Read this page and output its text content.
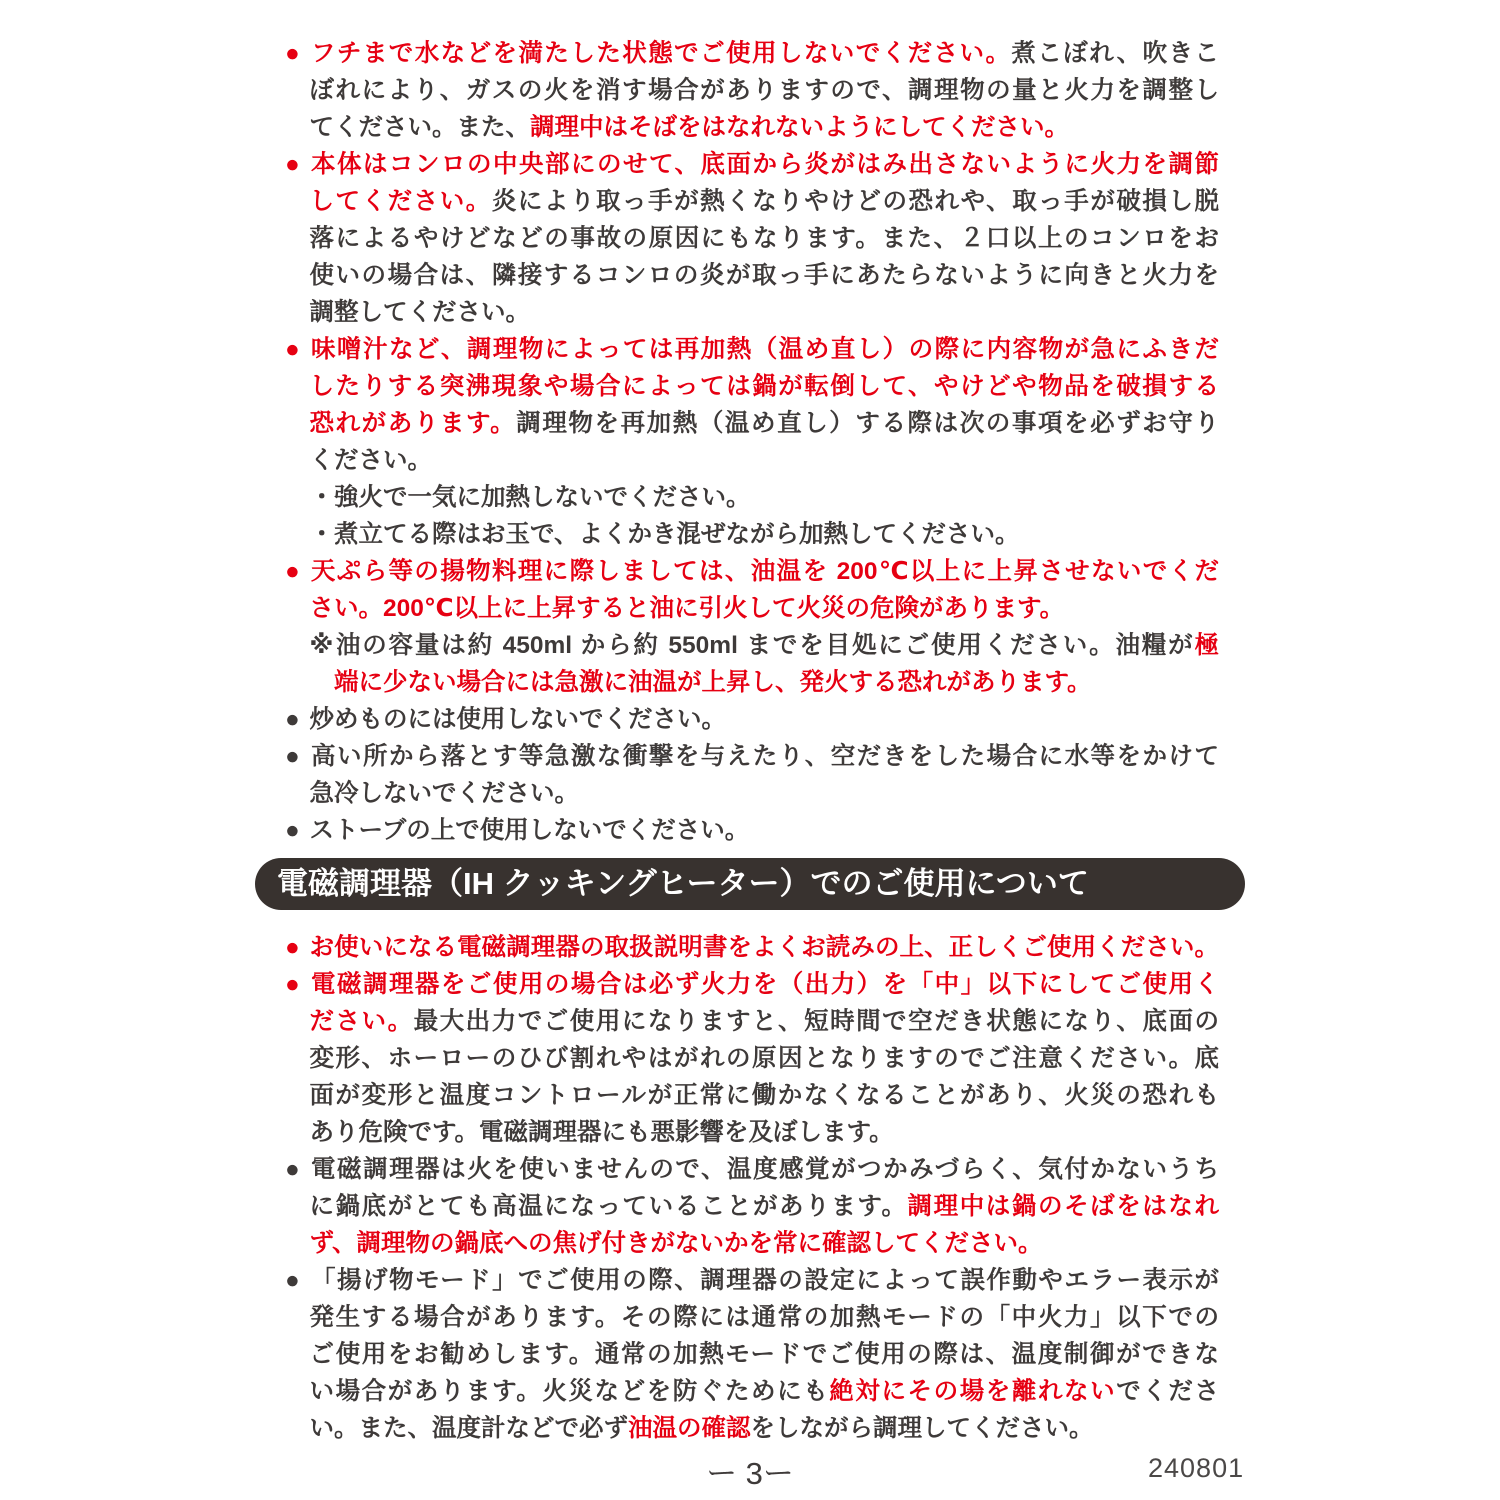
● フチまで水などを満たした状態でご使用しないでください。煮こぼれ、吹きこ
ぼれにより、ガスの火を消す場合がありますので、調理物の量と火力を調整し
てください。また、調理中はそばをはなれないようにしてください。
● 本体はコンロの中央部にのせて、底面から炎がはみ出さないように火力を調節
してください。炎により取っ手が熱くなりやけどの恐れや、取っ手が破損し脱
落によるやけどなどの事故の原因にもなります。また、２口以上のコンロをお
使いの場合は、隣接するコンロの炎が取っ手にあたらないように向きと火力を
調整してください。
● 味噌汁など、調理物によっては再加熱（温め直し）の際に内容物が急にふきだ
したりする突沸現象や場合によっては鍋が転倒して、やけどや物品を破損する
恐れがあります。調理物を再加熱（温め直し）する際は次の事項を必ずお守り
ください。
・強火で一気に加熱しないでください。
・煮立てる際はお玉で、よくかき混ぜながら加熱してください。
● 天ぷら等の揚物料理に際しましては、油温を 200℃以上に上昇させないでくだ
さい。200℃以上に上昇すると油に引火して火災の危険があります。
※油の容量は約 450ml から約 550ml までを目処にご使用ください。油糧が極
端に少ない場合には急激に油温が上昇し、発火する恐れがあります。
● 炒めものには使用しないでください。
● 高い所から落とす等急激な衝撃を与えたり、空だきをした場合に水等をかけて
急冷しないでください。
● ストーブの上で使用しないでください。
電磁調理器（IH クッキングヒーター）でのご使用について
● お使いになる電磁調理器の取扱説明書をよくお読みの上、正しくご使用ください。
● 電磁調理器をご使用の場合は必ず火力を（出力）を「中」以下にしてご使用く
ださい。最大出力でご使用になりますと、短時間で空だき状態になり、底面の
変形、ホーローのひび割れやはがれの原因となりますのでご注意ください。底
面が変形と温度コントロールが正常に働かなくなることがあり、火災の恐れも
あり危険です。電磁調理器にも悪影響を及ぼします。
● 電磁調理器は火を使いませんので、温度感覚がつかみづらく、気付かないうち
に鍋底がとても高温になっていることがあります。調理中は鍋のそばをはなれ
ず、調理物の鍋底への焦げ付きがないかを常に確認してください。
● 「揚げ物モード」でご使用の際、調理器の設定によって誤作動やエラー表示が
発生する場合があります。その際には通常の加熱モードの「中火力」以下での
ご使用をお勧めします。通常の加熱モードでご使用の際は、温度制御ができな
い場合があります。火災などを防ぐためにも絶対にその場を離れないでくださ
い。また、温度計などで必ず油温の確認をしながら調理してください。
ー 3ー	240801
